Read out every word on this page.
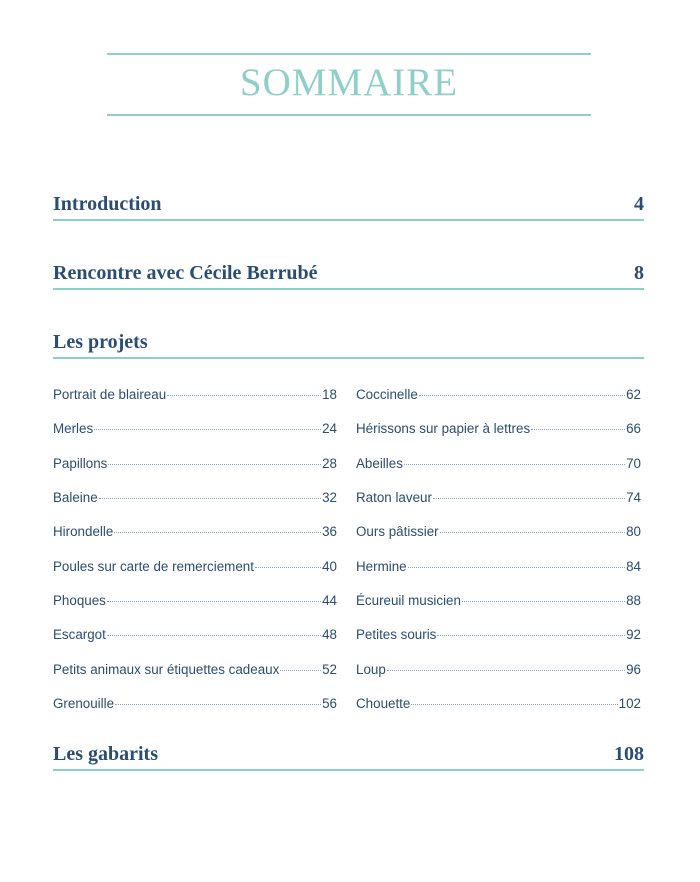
SOMMAIRE
Introduction	4
Rencontre avec Cécile Berrubé	8
Les projets
Portrait de blaireau	18
Merles	24
Papillons	28
Baleine	32
Hirondelle	36
Poules sur carte de remerciement	40
Phoques	44
Escargot	48
Petits animaux sur étiquettes cadeaux	52
Grenouille	56
Coccinelle	62
Hérissons sur papier à lettres	66
Abeilles	70
Raton laveur	74
Ours pâtissier	80
Hermine	84
Écureuil musicien	88
Petites souris	92
Loup	96
Chouette	102
Les gabarits	108
